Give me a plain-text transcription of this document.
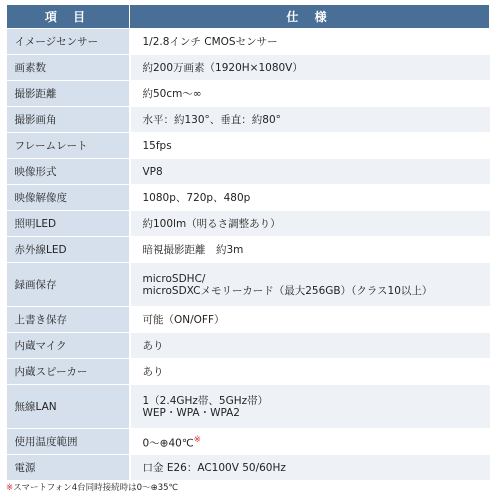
項 目	仕 様
イメージセンサー	1/2.8インチ CMOSセンサー
画素数	約200万画素（1920H×1080V）
撮影距離	約50cm〜∞
撮影画角	水平：約130°、垂直：約80°
フレームレート	15fps
映像形式	VP8
映像解像度	1080p、720p、480p
照明LED	約100lm（明るさ調整あり）
赤外線LED	暗視撮影距離　約3m
録画保存	microSDHC/
microSDXCメモリーカード（最大256GB）（クラス10以上）

上書き保存	可能（ON/OFF）
内蔵マイク	あり
内蔵スピーカー	あり
無線LAN	1（2.4GHz帯、5GHz帯）
WEP・WPA・WPA2

使用温度範囲	0〜⊕40℃※
電源	口金 E26：AC100V 50/60Hz
※スマートフォン4台同時接続時は0〜⊕35℃
